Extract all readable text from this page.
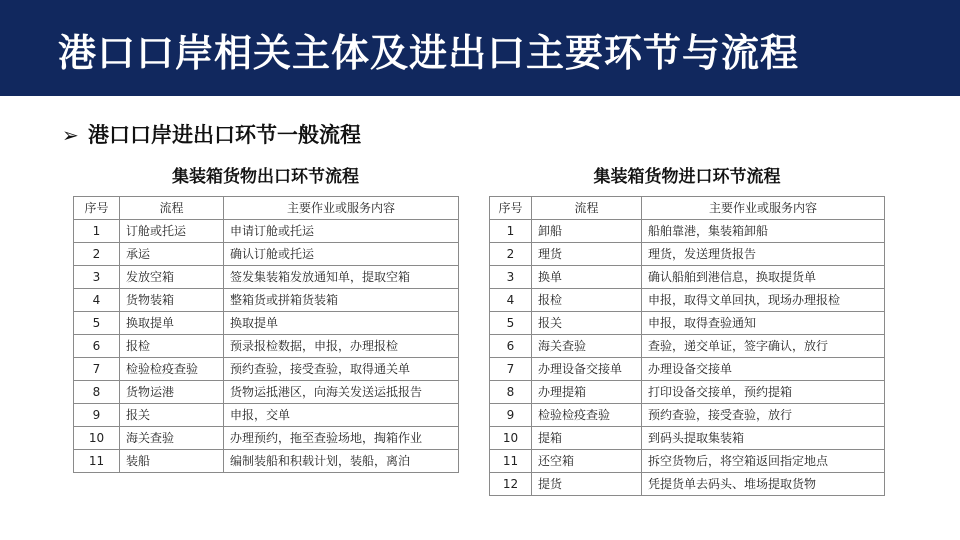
港口口岸相关主体及进出口主要环节与流程
➢ 港口口岸进出口环节一般流程
集装箱货物出口环节流程
序号	流程	主要作业或服务内容
1	订舱或托运	申请订舱或托运
2	承运	确认订舱或托运
3	发放空箱	签发集装箱发放通知单，提取空箱
4	货物装箱	整箱货或拼箱货装箱
5	换取提单	换取提单
6	报检	预录报检数据，申报，办理报检
7	检验检疫查验	预约查验，接受查验，取得通关单
8	货物运港	货物运抵港区，向海关发送运抵报告
9	报关	申报，交单
10	海关查验	办理预约，拖至查验场地，掏箱作业
11	装船	编制装船和积载计划，装船，离泊
集装箱货物进口环节流程
序号	流程	主要作业或服务内容
1	卸船	船舶靠港，集装箱卸船
2	理货	理货，发送理货报告
3	换单	确认船舶到港信息，换取提货单
4	报检	申报，取得文单回执，现场办理报检
5	报关	申报，取得查验通知
6	海关查验	查验，递交单证，签字确认，放行
7	办理设备交接单	办理设备交接单
8	办理提箱	打印设备交接单，预约提箱
9	检验检疫查验	预约查验，接受查验，放行
10	提箱	到码头提取集装箱
11	还空箱	拆空货物后，将空箱返回指定地点
12	提货	凭提货单去码头、堆场提取货物
